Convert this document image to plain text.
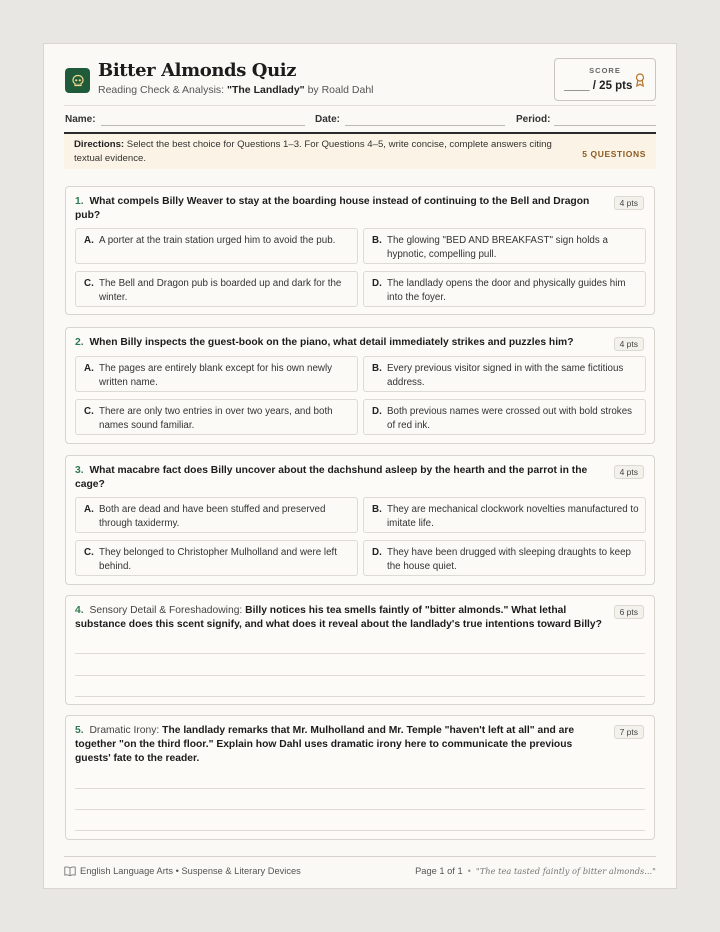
Bitter Almonds Quiz
Reading Check & Analysis: "The Landlady" by Roald Dahl
SCORE
____ / 25 pts
Name:	Date:	Period:
Directions: Select the best choice for Questions 1–3. For Questions 4–5, write concise, complete answers citing textual evidence.	5 QUESTIONS
1. What compels Billy Weaver to stay at the boarding house instead of continuing to the Bell and Dragon pub?
4 pts
A. A porter at the train station urged him to avoid the pub.	B. The glowing "BED AND BREAKFAST" sign holds a hypnotic, compelling pull.
C. The Bell and Dragon pub is boarded up and dark for the winter.
D. The landlady opens the door and physically guides him into the foyer.
2. When Billy inspects the guest-book on the piano, what detail immediately strikes and puzzles him?	4 pts
A. The pages are entirely blank except for his own newly written name.
B. Every previous visitor signed in with the same fictitious address.
C. There are only two entries in over two years, and both names sound familiar.
D. Both previous names were crossed out with bold strokes of red ink.
3. What macabre fact does Billy uncover about the dachshund asleep by the hearth and the parrot in the cage?
4 pts
A. Both are dead and have been stuffed and preserved through taxidermy.
B. They are mechanical clockwork novelties manufactured to imitate life.
C. They belonged to Christopher Mulholland and were left behind.
D. They have been drugged with sleeping draughts to keep the house quiet.
4. Sensory Detail & Foreshadowing: Billy notices his tea smells faintly of "bitter almonds." What lethal substance does this scent signify, and what does it reveal about the landlady's true intentions toward Billy?
6 pts
5. Dramatic Irony: The landlady remarks that Mr. Mulholland and Mr. Temple "haven't left at all" and are together "on the third floor." Explain how Dahl uses dramatic irony here to communicate the previous guests' fate to the reader.
7 pts
English Language Arts • Suspense & Literary Devices	Page 1 of 1 • "The tea tasted faintly of bitter almonds..."
